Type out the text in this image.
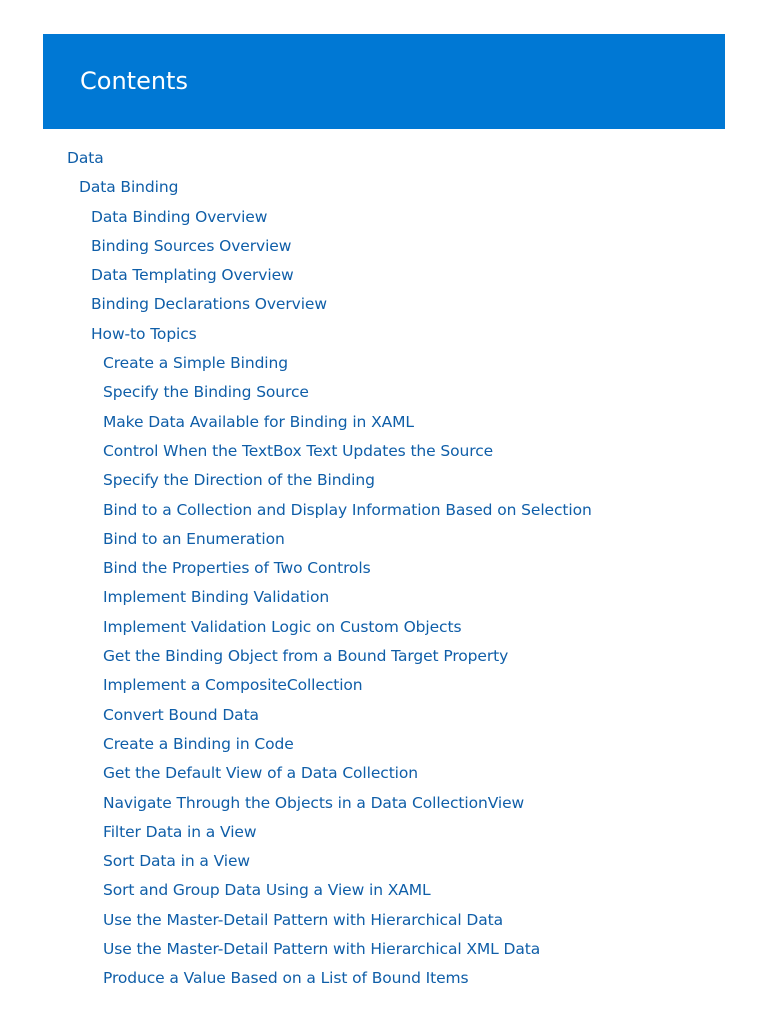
Contents
Data
Data Binding
Data Binding Overview
Binding Sources Overview
Data Templating Overview
Binding Declarations Overview
How-to Topics
Create a Simple Binding
Specify the Binding Source
Make Data Available for Binding in XAML
Control When the TextBox Text Updates the Source
Specify the Direction of the Binding
Bind to a Collection and Display Information Based on Selection
Bind to an Enumeration
Bind the Properties of Two Controls
Implement Binding Validation
Implement Validation Logic on Custom Objects
Get the Binding Object from a Bound Target Property
Implement a CompositeCollection
Convert Bound Data
Create a Binding in Code
Get the Default View of a Data Collection
Navigate Through the Objects in a Data CollectionView
Filter Data in a View
Sort Data in a View
Sort and Group Data Using a View in XAML
Use the Master-Detail Pattern with Hierarchical Data
Use the Master-Detail Pattern with Hierarchical XML Data
Produce a Value Based on a List of Bound Items
